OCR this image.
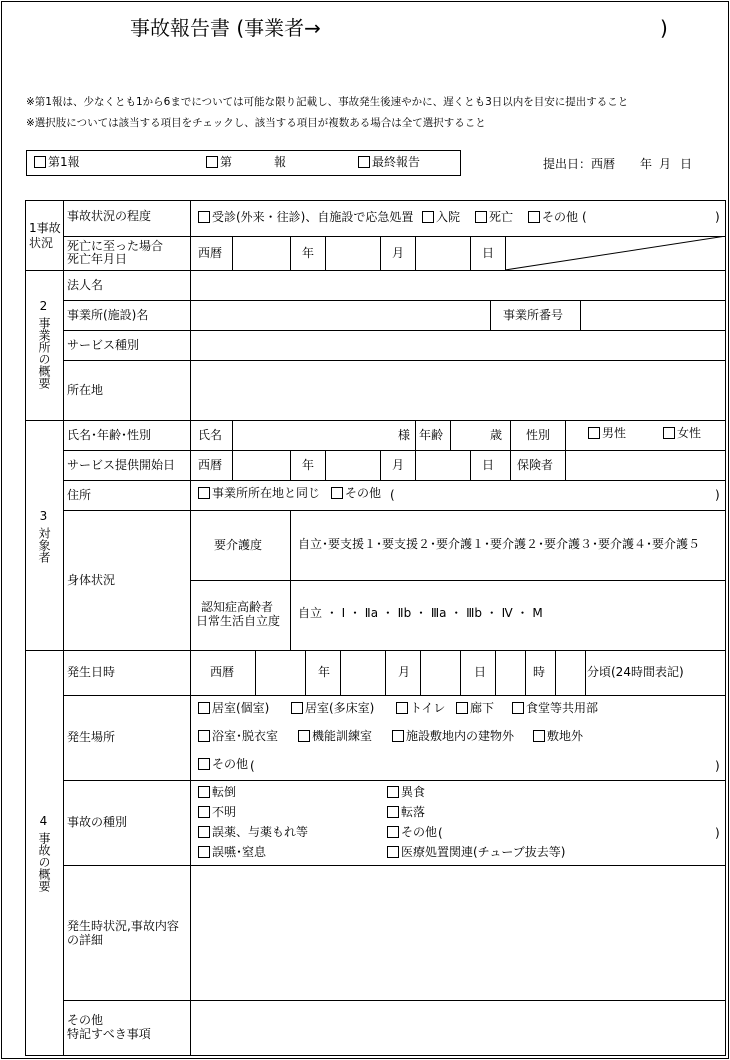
事故報告書 (事業者→	)
※第1報は、少なくとも1から6までについては可能な限り記載し、事故発生後速やかに、遅くとも3日以内を目安に提出すること
※選択肢については該当する項目をチェックし、該当する項目が複数ある場合は全て選択すること
第1報	第	報	最終報告	提出日：西暦 年 月 日
1事故
状況
事故状況の程度	受診(外来・往診)、自施設で応急処置	入院	死亡	その他 (	)
死亡に至った場合
死亡年月日	西暦	年	月	日
2
事業所の概要
法人名
事業所(施設)名	事業所番号
サービス種別
所在地
3
対象者
氏名･年齢･性別	氏名	様 年齢	歳 性別	男性	女性
サービス提供開始日 西暦	年	月	日 保険者
住所	事業所所在地と同じ	その他 (	)
身体状況
要介護度	自立･要支援１･要支援２･要介護１･要介護２･要介護３･要介護４･要介護５
認知症高齢者
日常生活自立度
自立 ・ Ⅰ ・ Ⅱa ・ Ⅱb ・ Ⅲa ・ Ⅲb ・ Ⅳ ・ M
4
事故の概要
発生日時	西暦	年	月	日	時	分頃(24時間表記)
発生場所
居室(個室)	居室(多床室)	トイレ	廊下	食堂等共用部
浴室･脱衣室	機能訓練室	施設敷地内の建物外	敷地外
その他 (	)
事故の種別
転倒
不明
誤薬、与薬もれ等
誤嚥･窒息
異食
転落
その他 (	)
医療処置関連(チューブ抜去等)
発生時状況,事故内容
の詳細
その他
特記すべき事項
